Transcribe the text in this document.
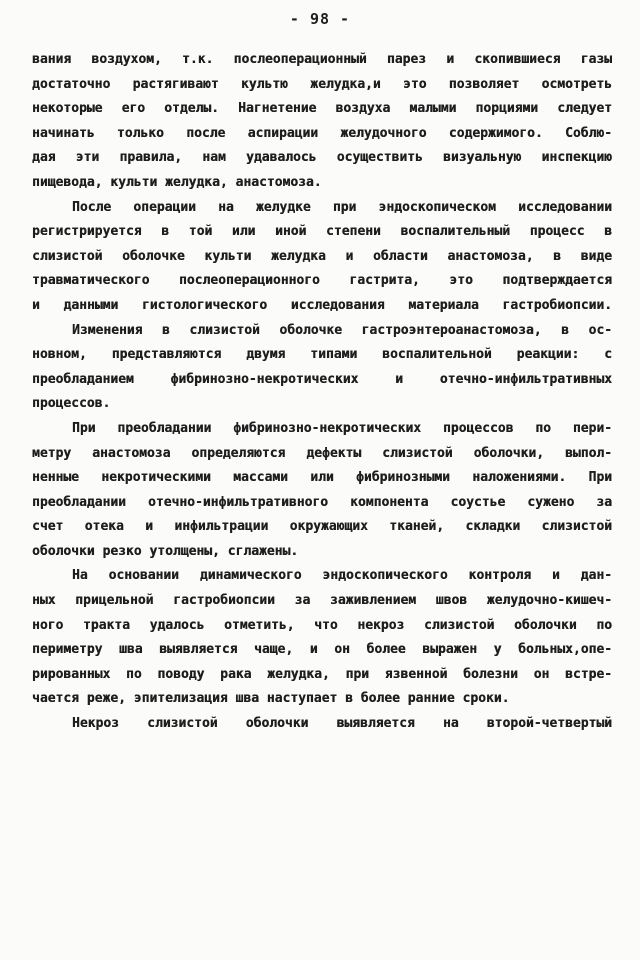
- 98 -
вания воздухом, т.к. послеоперационный парез и скопившиеся газы
достаточно растягивают культю желудка,и это позволяет осмотреть
некоторые его отделы. Нагнетение воздуха малыми порциями следует
начинать только после аспирации желудочного содержимого. Соблю-
дая эти правила, нам удавалось осуществить визуальную инспекцию
пищевода, культи желудка, анастомоза.
После операции на желудке при эндоскопическом исследовании
регистрируется в той или иной степени воспалительный процесс в
слизистой оболочке культи желудка и области анастомоза, в виде
травматического послеоперационного гастрита, это подтверждается
и данными гистологического исследования материала гастробиопсии.
Изменения в слизистой оболочке гастроэнтероанастомоза, в ос-
новном, представляются двумя типами воспалительной реакции: с
преобладанием фибринозно-некротических и отечно-инфильтративных
процессов.
При преобладании фибринозно-некротических процессов по пери-
метру анастомоза определяются дефекты слизистой оболочки, выпол-
ненные некротическими массами или фибринозными наложениями. При
преобладании отечно-инфильтративного компонента соустье сужено за
счет отека и инфильтрации окружающих тканей, складки слизистой
оболочки резко утолщены, сглажены.
На основании динамического эндоскопического контроля и дан-
ных прицельной гастробиопсии за заживлением швов желудочно-кишеч-
ного тракта удалось отметить, что некроз слизистой оболочки по
периметру шва выявляется чаще, и он более выражен у больных,опе-
рированных по поводу рака желудка, при язвенной болезни он встре-
чается реже, эпителизация шва наступает в более ранние сроки.
Некроз слизистой оболочки выявляется на второй-четвертый
